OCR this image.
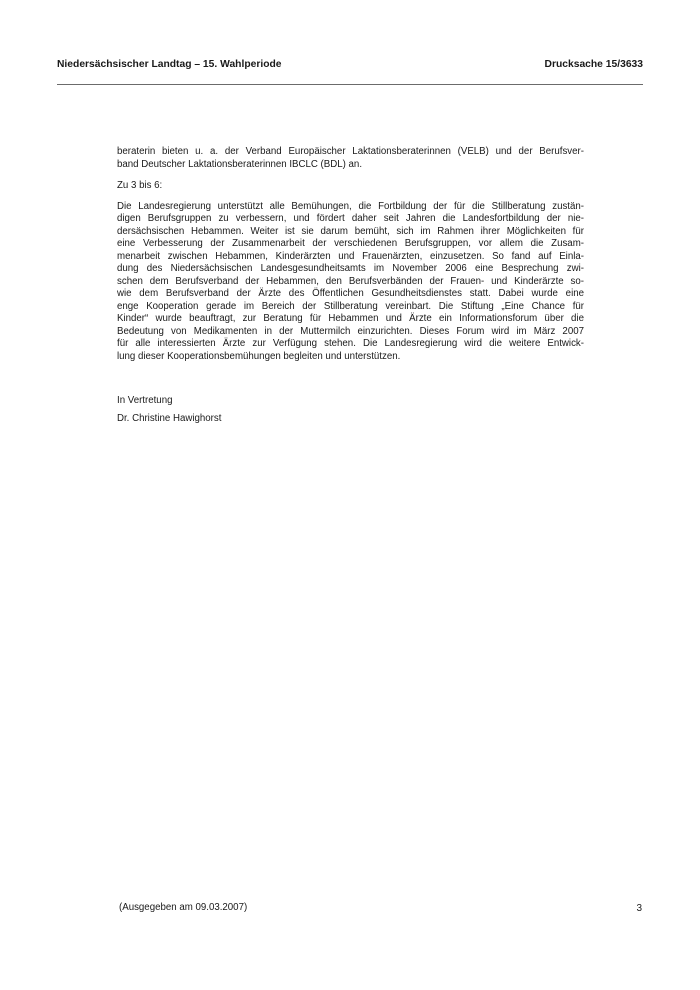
Niedersächsischer Landtag – 15. Wahlperiode	Drucksache 15/3633

beraterin bieten u. a. der Verband Europäischer Laktationsberaterinnen (VELB) und der Berufsver-
band Deutscher Laktationsberaterinnen IBCLC (BDL) an.

Zu 3 bis 6:

Die Landesregierung unterstützt alle Bemühungen, die Fortbildung der für die Stillberatung zustän-
digen Berufsgruppen zu verbessern, und fördert daher seit Jahren die Landesfortbildung der nie-
dersächsischen Hebammen. Weiter ist sie darum bemüht, sich im Rahmen ihrer Möglichkeiten für
eine Verbesserung der Zusammenarbeit der verschiedenen Berufsgruppen, vor allem die Zusam-
menarbeit zwischen Hebammen, Kinderärzten und Frauenärzten, einzusetzen. So fand auf Einla-
dung des Niedersächsischen Landesgesundheitsamts im November 2006 eine Besprechung zwi-
schen dem Berufsverband der Hebammen, den Berufsverbänden der Frauen- und Kinderärzte so-
wie dem Berufsverband der Ärzte des Öffentlichen Gesundheitsdienstes statt. Dabei wurde eine
enge Kooperation gerade im Bereich der Stillberatung vereinbart. Die Stiftung „Eine Chance für
Kinder“ wurde beauftragt, zur Beratung für Hebammen und Ärzte ein Informationsforum über die
Bedeutung von Medikamenten in der Muttermilch einzurichten. Dieses Forum wird im März 2007
für alle interessierten Ärzte zur Verfügung stehen. Die Landesregierung wird die weitere Entwick-
lung dieser Kooperationsbemühungen begleiten und unterstützen.

In Vertretung
Dr. Christine Hawighorst
(Ausgegeben am 09.03.2007)	3
